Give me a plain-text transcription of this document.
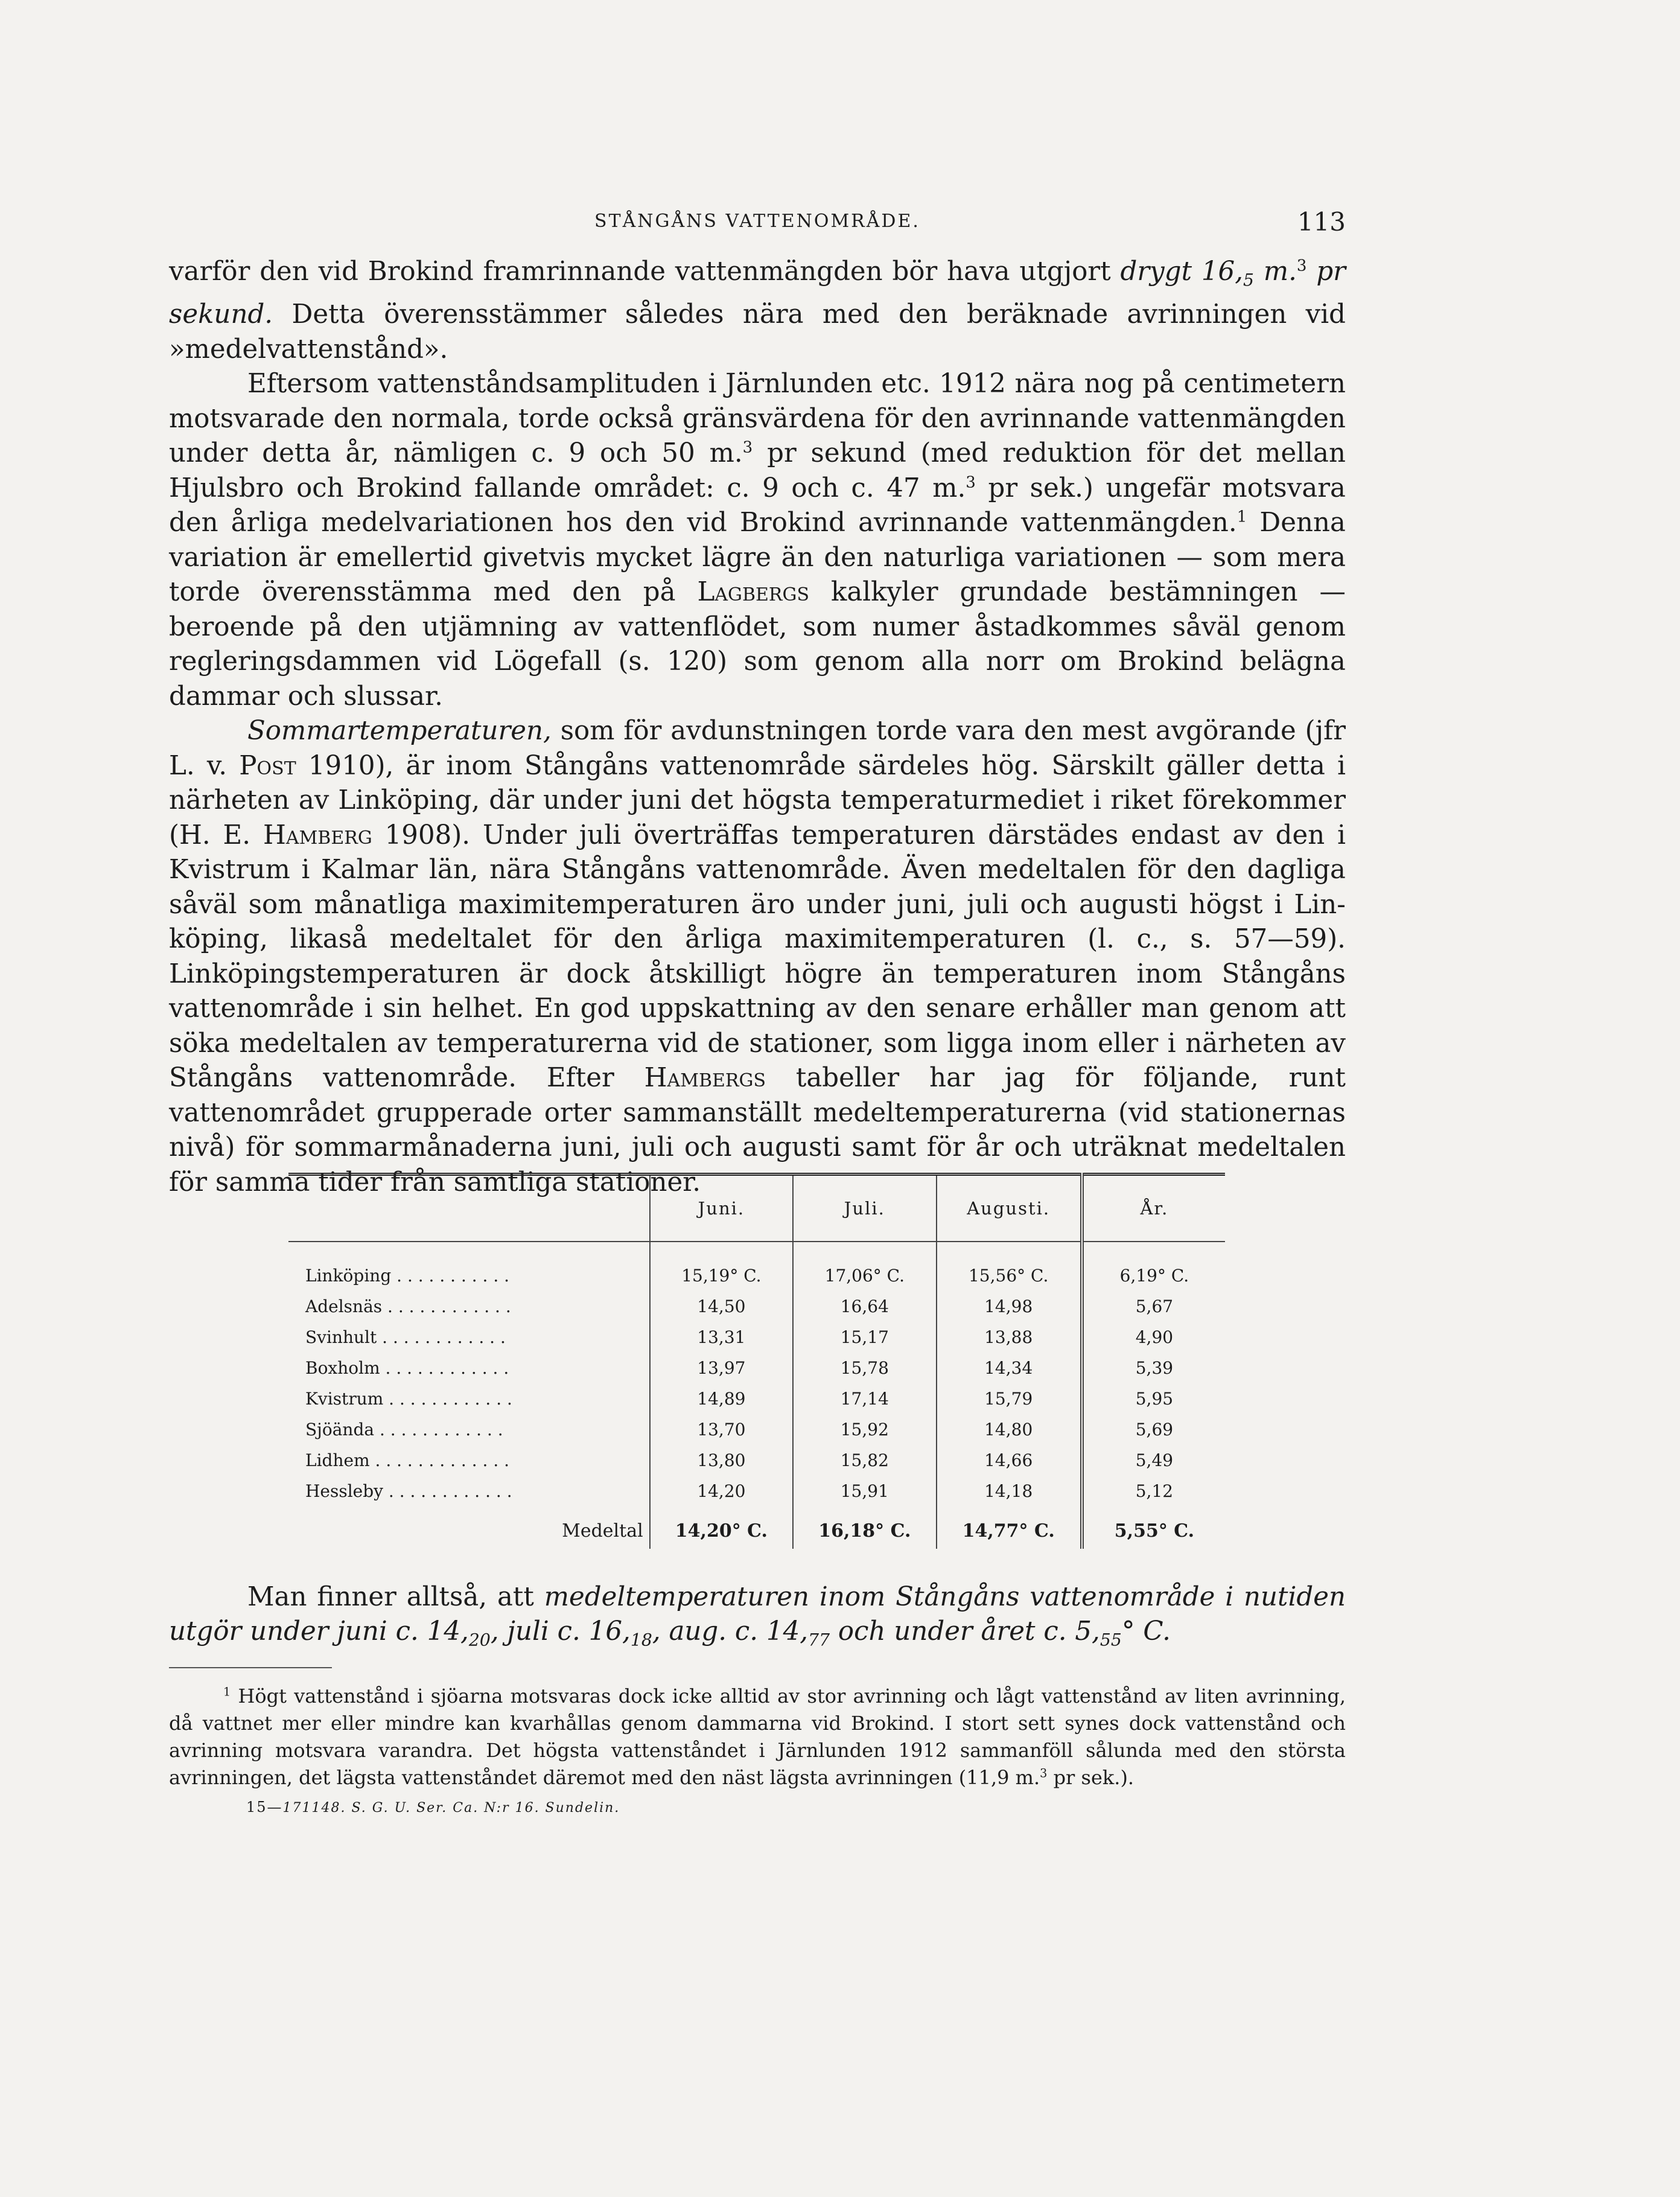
STÅNGÅNS VATTENOMRÅDE.	113

varför den vid Brokind framrinnande vattenmängden bör hava utgjort drygt $16,_5$ m.$^3$ pr sekund. Detta överensstämmer således nära med den beräknade avrinningen vid »medelvattenstånd».

Eftersom vattenståndsamplituden i Järnlunden etc. 1912 nära nog på centimetern motsvarade den normala, torde också gränsvärdena för den avrinnande vattenmängden under detta år, nämligen c. 9 och 50 m.$^3$ pr sekund (med reduktion för det mellan Hjulsbro och Brokind fallande området: c. 9 och c. 47 m.$^3$ pr sek.) ungefär motsvara den årliga medelvariationen hos den vid Brokind avrinnande vattenmängden.$^1$ Denna variation är emellertid givetvis mycket lägre än den naturliga variationen — som mera torde överensstämma med den på Lagbergs kalkyler grundade bestämningen — beroende på den utjämning av vattenflödet, som numer åstadkommes såväl genom regleringsdammen vid Lögefall (s. 120) som genom alla norr om Brokind belägna dammar och slussar.

Sommartemperaturen, som för avdunstningen torde vara den mest avgörande (jfr L. v. Post 1910), är inom Stångåns vattenområde särdeles hög. Särskilt gäller detta i närheten av Linköping, där under juni det högsta temperaturmediet i riket förekommer (H. E. Hamberg 1908). Under juli överträffas temperaturen därstädes endast av den i Kvistrum i Kalmar län, nära Stångåns vattenområde. Även medeltalen för den dagliga såväl som månatliga maximitemperaturen äro under juni, juli och augusti högst i Linköping, likaså medeltalet för den årliga maximitemperaturen (l. c., s. 57—59). Linköpingstemperaturen är dock åtskilligt högre än temperaturen inom Stångåns vattenområde i sin helhet. En god uppskattning av den senare erhåller man genom att söka medeltalen av temperaturerna vid de stationer, som ligga inom eller i närheten av Stångåns vattenområde. Efter Hambergs tabeller har jag för följande, runt vattenområdet grupperade orter sammanställt medeltemperaturerna (vid stationernas nivå) för sommarmånaderna juni, juli och augusti samt för år och uträknat medeltalen för samma tider från samtliga stationer.

	Juni.	Juli.	Augusti.	År.
Linköping . . . . . . . . . . .	15,19° C.	17,06° C.	15,56° C.	6,19° C.
Adelsnäs . . . . . . . . . . . .	14,50	16,64	14,98	5,67
Svinhult . . . . . . . . . . . .	13,31	15,17	13,88	4,90
Boxholm . . . . . . . . . . . .	13,97	15,78	14,34	5,39
Kvistrum . . . . . . . . . . . .	14,89	17,14	15,79	5,95
Sjöända . . . . . . . . . . . .	13,70	15,92	14,80	5,69
Lidhem . . . . . . . . . . . . .	13,80	15,82	14,66	5,49
Hessleby . . . . . . . . . . . .	14,20	15,91	14,18	5,12
Medeltal	14,20° C.	16,18° C.	14,77° C.	5,55° C.
Man finner alltså, att medeltemperaturen inom Stångåns vattenområde i nutiden utgör under juni c. $14,_{20}$, juli c. $16,_{18}$, aug. c. $14,_{77}$ och under året c. $5,_{55}^\circ$ C.
$^1$ Högt vattenstånd i sjöarna motsvaras dock icke alltid av stor avrinning och lågt vattenstånd av liten avrinning, då vattnet mer eller mindre kan kvarhållas genom dammarna vid Brokind. I stort sett synes dock vattenstånd och avrinning motsvara varandra. Det högsta vattenståndet i Järnlunden 1912 sammanföll sålunda med den största avrinningen, det lägsta vattenståndet däremot med den näst lägsta avrinningen (11,9 m.$^3$ pr sek.).
15—171148. S. G. U. Ser. Ca. N:r 16. Sundelin.
